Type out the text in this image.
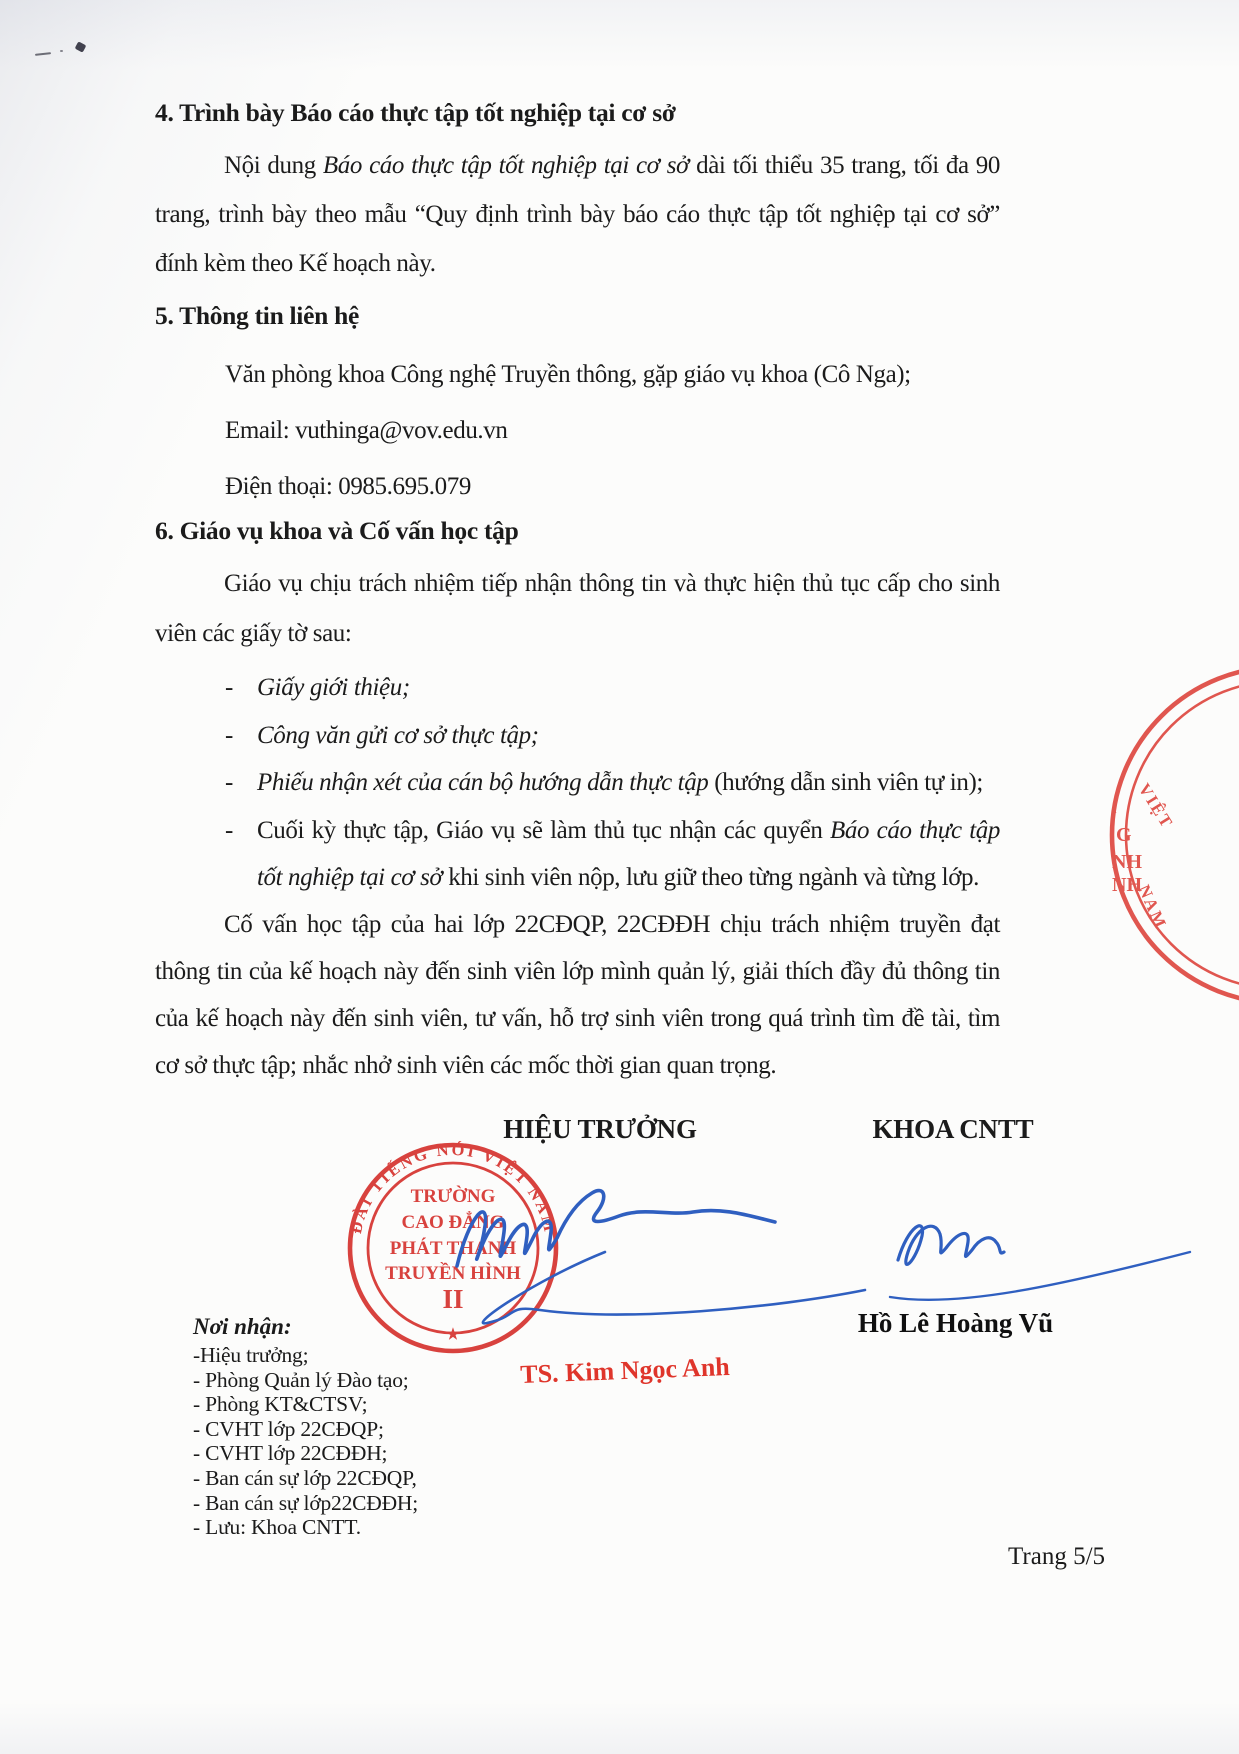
4. Trình bày Báo cáo thực tập tốt nghiệp tại cơ sở
Nội dung Báo cáo thực tập tốt nghiệp tại cơ sở dài tối thiểu 35 trang, tối đa 90 trang, trình bày theo mẫu “Quy định trình bày báo cáo thực tập tốt nghiệp tại cơ sở” đính kèm theo Kế hoạch này.
5. Thông tin liên hệ
Văn phòng khoa Công nghệ Truyền thông, gặp giáo vụ khoa (Cô Nga);
Email: vuthinga@vov.edu.vn
Điện thoại: 0985.695.079
6. Giáo vụ khoa và Cố vấn học tập
Giáo vụ chịu trách nhiệm tiếp nhận thông tin và thực hiện thủ tục cấp cho sinh viên các giấy tờ sau:
- Giấy giới thiệu;
- Công văn gửi cơ sở thực tập;
- Phiếu nhận xét của cán bộ hướng dẫn thực tập (hướng dẫn sinh viên tự in);
- Cuối kỳ thực tập, Giáo vụ sẽ làm thủ tục nhận các quyển Báo cáo thực tập tốt nghiệp tại cơ sở khi sinh viên nộp, lưu giữ theo từng ngành và từng lớp.
Cố vấn học tập của hai lớp 22CĐQP, 22CĐĐH chịu trách nhiệm truyền đạt thông tin của kế hoạch này đến sinh viên lớp mình quản lý, giải thích đầy đủ thông tin của kế hoạch này đến sinh viên, tư vấn, hỗ trợ sinh viên trong quá trình tìm đề tài, tìm cơ sở thực tập; nhắc nhở sinh viên các mốc thời gian quan trọng.
HIỆU TRƯỞNG	KHOA CNTT
ĐÀI TIẾNG NÓI VIỆT NAM
TRƯỜNG
CAO ĐẲNG
PHÁT THANH
TRUYỀN HÌNH
II
★
TS. Kim Ngọc Anh
Hồ Lê Hoàng Vũ
VIỆT
NAM
i
G
NH
NH
Nơi nhận:
-Hiệu trưởng;
- Phòng Quản lý Đào tạo;
- Phòng KT&CTSV;
- CVHT lớp 22CĐQP;
- CVHT lớp 22CĐĐH;
- Ban cán sự lớp 22CĐQP,
- Ban cán sự lớp22CĐĐH;
- Lưu: Khoa CNTT.
Trang 5/5
